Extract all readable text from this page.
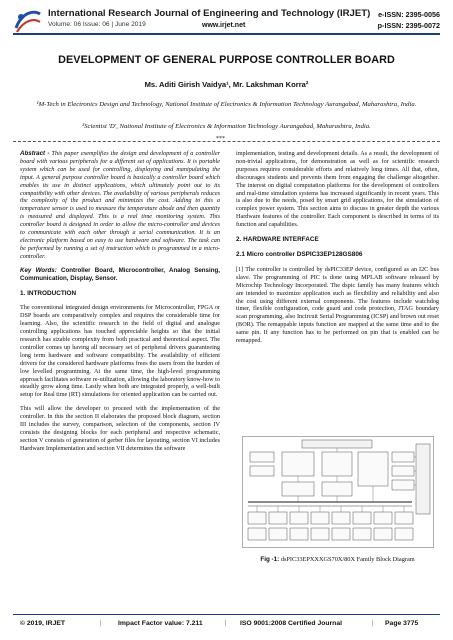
International Research Journal of Engineering and Technology (IRJET)
Volume: 06 Issue: 06 | June 2019	www.irjet.net
e-ISSN: 2395-0056
p-ISSN: 2395-0072
DEVELOPMENT OF GENERAL PURPOSE CONTROLLER BOARD
Ms. Aditi Girish Vaidya¹, Mr. Lakshman Korra²
¹M-Tech in Electronics Design and Technology, National Institute of Electronics & Information Technology Aurangabad, Maharashtra, India.
²Scientist 'D', National Institute of Electronics & Information Technology Aurangabad, Maharashtra, India.
***

Abstract - This paper exemplifies the design and development of a controller board with various peripherals for a different set of applications. It is portable system which can be used for controlling, displaying and manipulating the input. A general purpose controller board is basically a controller board which enables its use in distinct applications, which ultimately point out to its compatibility with other devices. The availability of various peripherals reduces the complexity of the product and minimizes the cost. Adding to this a temperature sensor is used to measure the temperature abode and then quantity is measured and displayed. This is a real time monitoring system. This controller board is designed in order to allow the micro-controller and devices to communicate with each other through a serial communication. It is an electronic platform based on easy to use hardware and software. The task can be performed by running a set of instruction which is programmed in a micro-controller.

Key Words: Controller Board, Microcontroller, Analog Sensing, Communication, Display, Sensor.

1. INTRODUCTION

The conventional integrated design environments for Microcontroller, FPGA or DSP boards are comparatively complex and requires the considerable time for learning. Also, the scientific research in the field of digital and analogue controlling applications has touched appreciable heights so that the initial research has sizable complexity from both practical and theoretical aspect. The controller comes up having all necessary set of peripheral drivers guaranteeing long term hardware and software compatibility. The availability of efficient drivers for the considered hardware platforms frees the users from the burden of low levelled programming. At the same time, the high-level programming approach facilitates software re-utilization, allowing the laboratory know-how to steadily grow along time. Lastly when both are integrated properly, a well-built setup for Real time (RT) simulations for oriented application can be carried out.

This will allow the developer to proceed with the implementation of the controller. In this the section II elaborates the proposed block diagram, section III includes the survey, comparison, selection of the components, section IV consists the designing blocks for each peripheral and respective schematic, section V consists of generation of gerber files for layouting, section VI includes Hardware Implementation and section VII determines the software

implementation, testing and development details. As a result, the development of non-trivial applications, for demonstration as well as for scientific research purposes requires considerable efforts and relatively long times. All that, often, discourages students and prevents them from engaging the challenge altogether. The interest on digital computation platforms for the development of controllers and real-time simulation systems has increased significantly in recent years. This is also due to the needs, posed by smart grid applications, for the simulation of complex power system. This section aims to discuss in greater depth the various Hardware features of the controller. Each component is described in terms of its function and capabilities.

2. HARDWARE INTERFACE
2.1 Micro controller DSPIC33EP128GS806

[1] The controller is controlled by dsPIC33EP device, configured as an I2C bus slave. The programming of PIC is done using MPLAB software released by Microchip Technology Incorporated. The dspic family has many features which are intended to maximize application such as flexibility and reliability and also the cost using different external components. The features include watchdog timer, flexible configuration, code guard and code protection, JTAG boundary scan programming, also Incircuit Serial Programming (ICSP) and brown out reset (BOR). The remappable inputs function are mapped at the same time and to the same pin. If any function has to be performed on pin that is enabled can be remapped.

Fig -1: dsPIC33EPXXXGS70X/80X Family Block Diagram
© 2019, IRJET	| Impact Factor value: 7.211	| ISO 9001:2008 Certified Journal	| Page 3775
